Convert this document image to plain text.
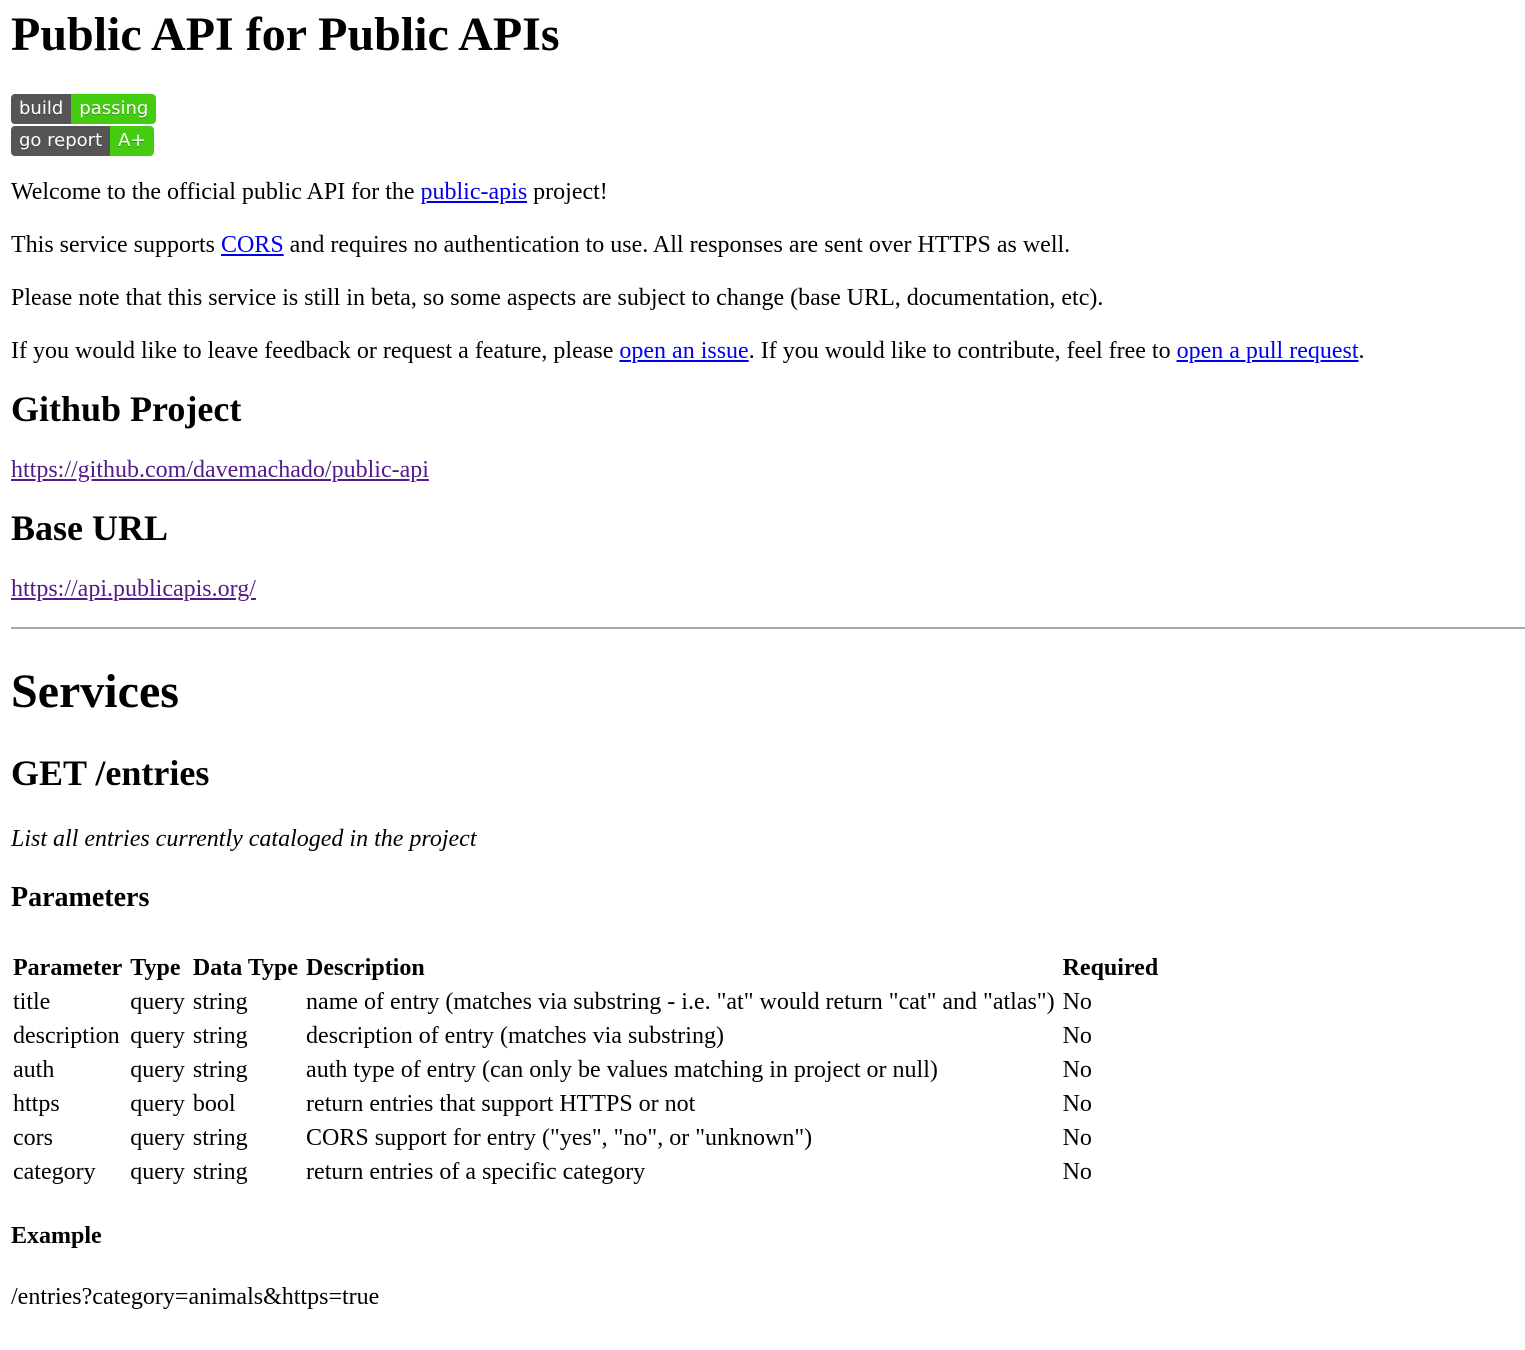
Public API for Public APIs
build passing
go report A+

Welcome to the official public API for the public-apis project!

This service supports CORS and requires no authentication to use. All responses are sent over HTTPS as well.

Please note that this service is still in beta, so some aspects are subject to change (base URL, documentation, etc).

If you would like to leave feedback or request a feature, please open an issue. If you would like to contribute, feel free to open a pull request.

Github Project

https://github.com/davemachado/public-api

Base URL

https://api.publicapis.org/

Services
GET /entries

List all entries currently cataloged in the project

Parameters
Parameter	Type	Data Type	Description	Required
title	query	string	name of entry (matches via substring - i.e. "at" would return "cat" and "atlas")	No
description	query	string	description of entry (matches via substring)	No
auth	query	string	auth type of entry (can only be values matching in project or null)	No
https	query	bool	return entries that support HTTPS or not	No
cors	query	string	CORS support for entry ("yes", "no", or "unknown")	No
category	query	string	return entries of a specific category	No
Example

/entries?category=animals&https=true
